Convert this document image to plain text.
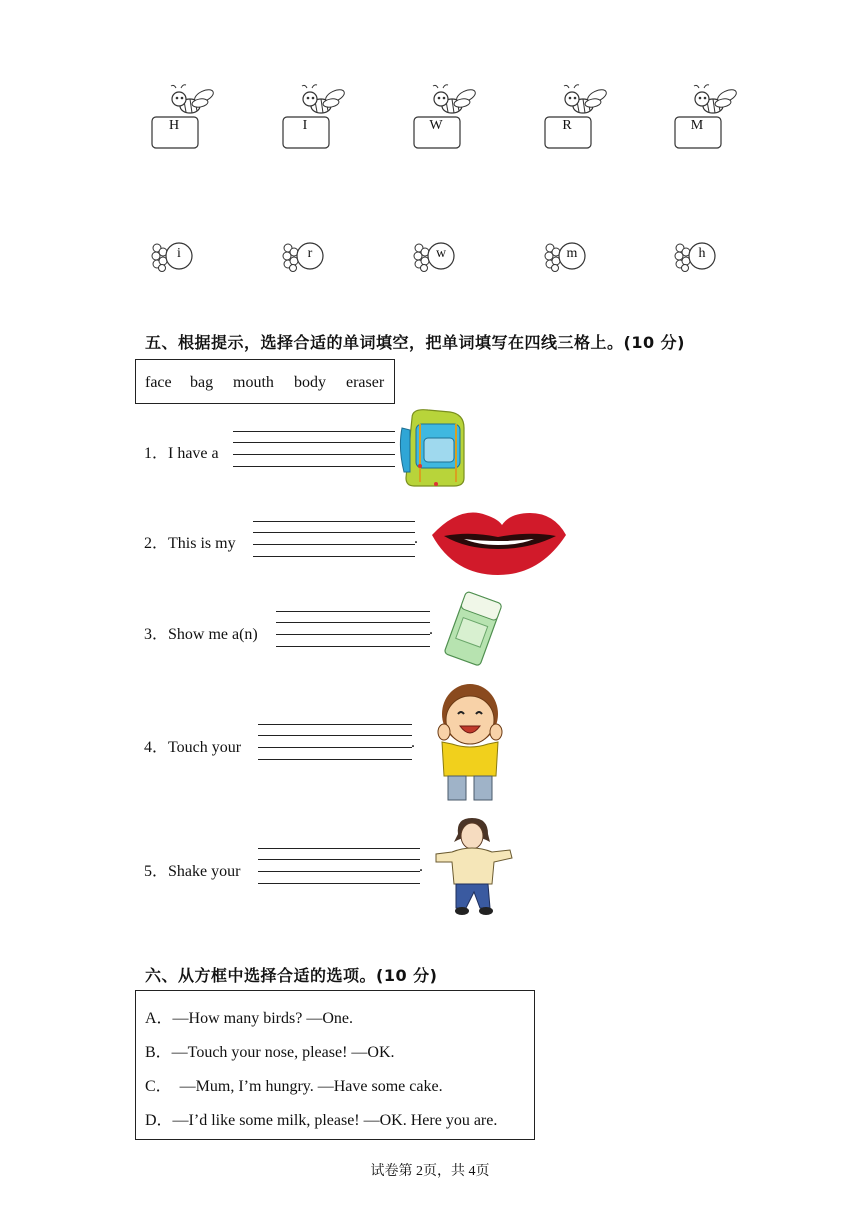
H	I	W	R	M
i	r	w	m	h
五、根据提示，选择合适的单词填空，把单词填写在四线三格上。(10 分)
face bag mouth body eraser
1．I have a
2．This is my	.
3．Show me a(n)	.
4．Touch your	.
5．Shake your	.
六、从方框中选择合适的选项。(10 分)
A．—How many birds? —One.
B．—Touch your nose, please! —OK.
C．  —Mum, I’m hungry. —Have some cake.
D．—I’d like some milk, please! —OK. Here you are.
试卷第 2页，共 4页
